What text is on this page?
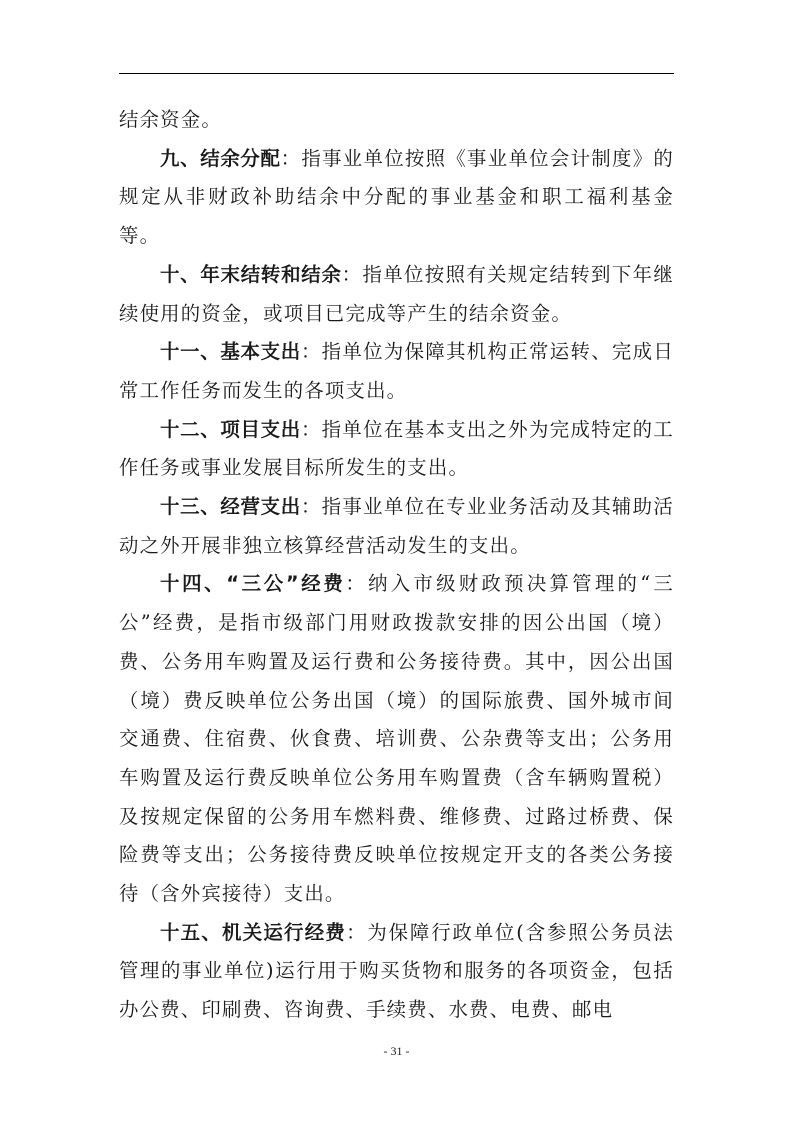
结余资金。

九、结余分配：指事业单位按照《事业单位会计制度》的规定从非财政补助结余中分配的事业基金和职工福利基金等。

十、年末结转和结余：指单位按照有关规定结转到下年继续使用的资金，或项目已完成等产生的结余资金。

十一、基本支出：指单位为保障其机构正常运转、完成日常工作任务而发生的各项支出。

十二、项目支出：指单位在基本支出之外为完成特定的工作任务或事业发展目标所发生的支出。

十三、经营支出：指事业单位在专业业务活动及其辅助活动之外开展非独立核算经营活动发生的支出。

十四、“三公”经费：纳入市级财政预决算管理的“三公”经费，是指市级部门用财政拨款安排的因公出国（境）费、公务用车购置及运行费和公务接待费。其中，因公出国（境）费反映单位公务出国（境）的国际旅费、国外城市间交通费、住宿费、伙食费、培训费、公杂费等支出；公务用车购置及运行费反映单位公务用车购置费（含车辆购置税）及按规定保留的公务用车燃料费、维修费、过路过桥费、保险费等支出；公务接待费反映单位按规定开支的各类公务接待（含外宾接待）支出。

十五、机关运行经费：为保障行政单位(含参照公务员法管理的事业单位)运行用于购买货物和服务的各项资金，包括办公费、印刷费、咨询费、手续费、水费、电费、邮电

- 31 -
